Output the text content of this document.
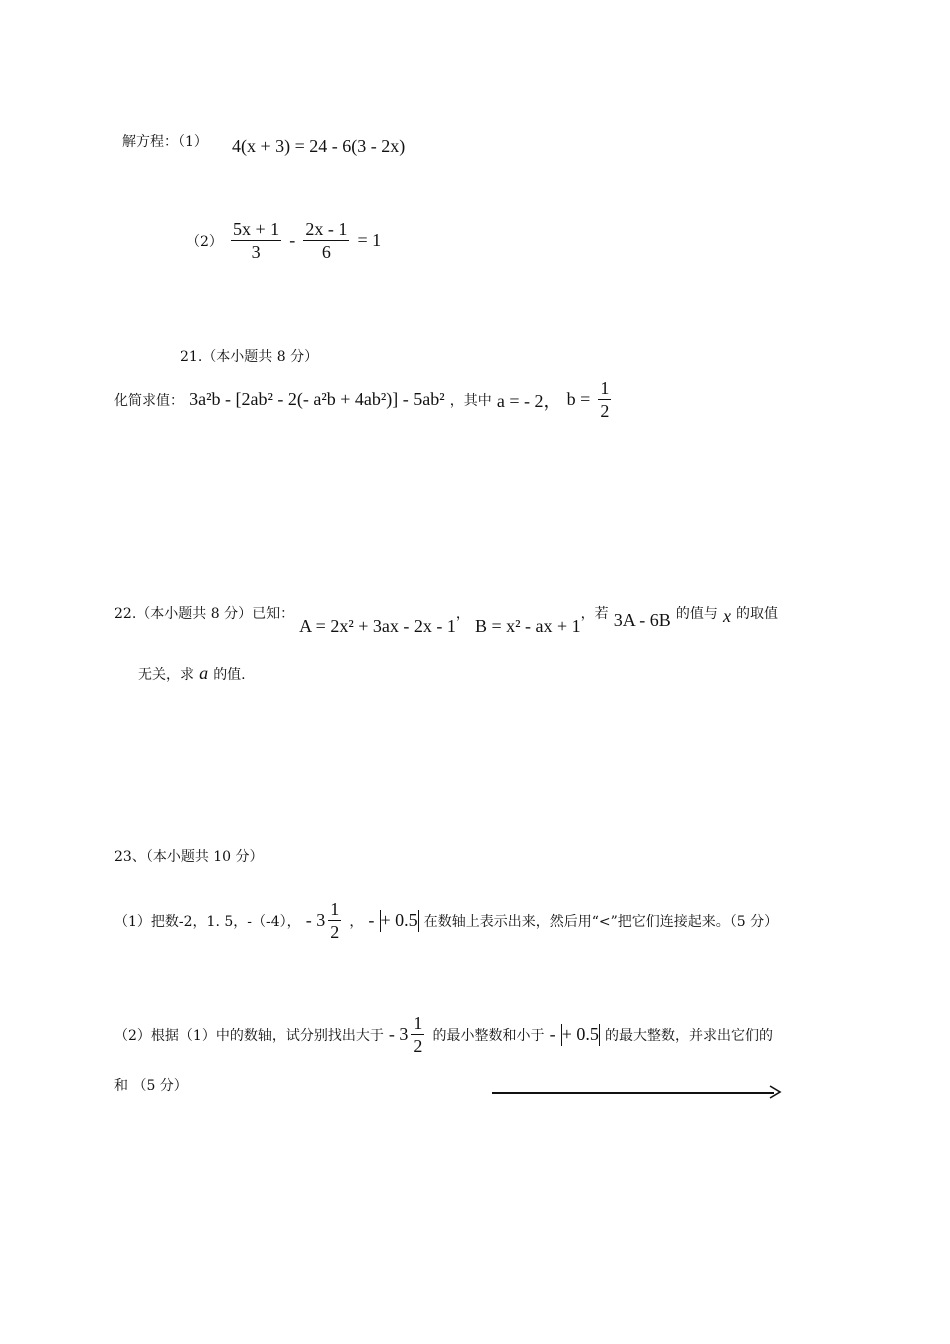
解方程：（1） 4(x + 3) = 24 - 6(3 - 2x)
$(2) \frac{5x + 1}{3} - \frac{2x - 1}{6} = 1$
21.（本小题共 8 分）
化简求值： 3a²b - [2ab² - 2(- a²b + 4ab²)] - 5ab² ，其中 a = - 2， $b = \frac{1}{2}$
22.（本小题共 8 分）已知： A = 2x² + 3ax - 2x - 1， B = x² - ax + 1，若 3A - 6B 的值与 x 的取值
无关，求 a 的值.
23、（本小题共 10 分）
（1）把数-2，1. 5，-（-4）， - $3 \frac{1}{2}$ ， - + 0.5 在数轴上表示出来，然后用“<”把它们连接起来。（5 分）
（2）根据（1）中的数轴，试分别找出大于 - $3 \frac{1}{2}$ 的最小整数和小于 - + 0.5 的最大整数，并求出它们的
和 （5 分）
